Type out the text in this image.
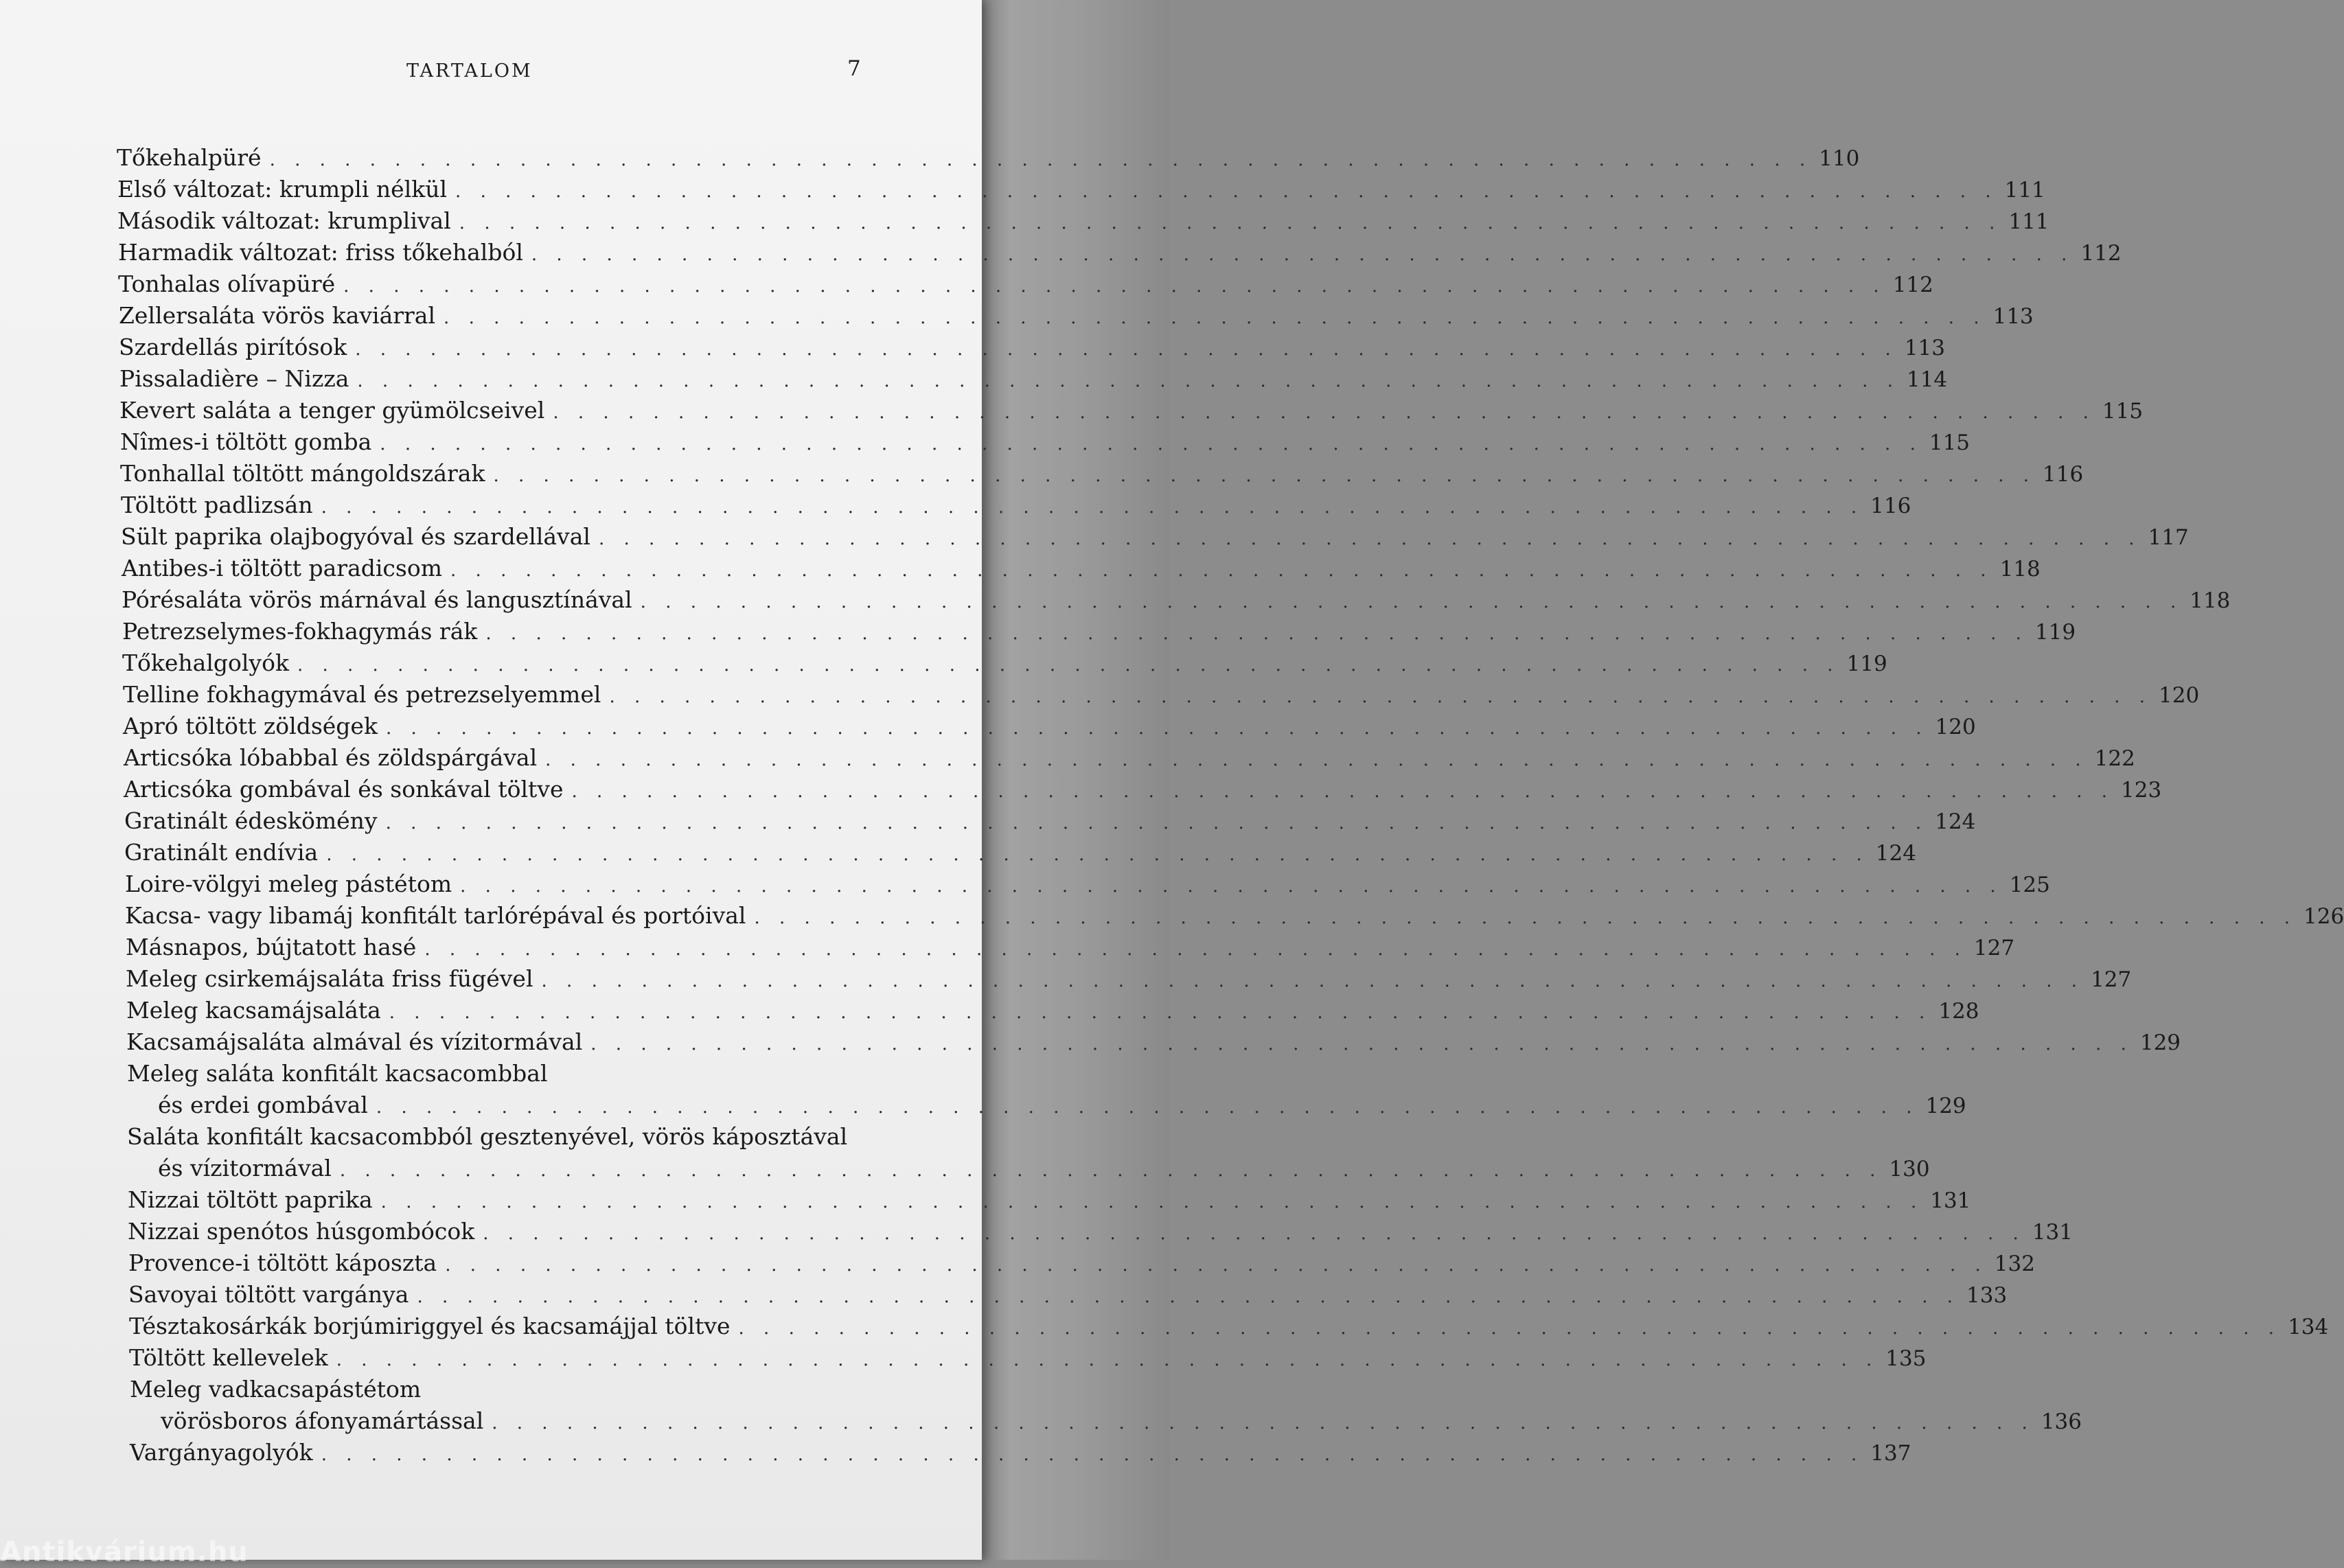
TARTALOM	7
Tőkehalpüré . . . . . . . . . . . . . . . . . . . . . . . . . . . . . . . . . . . . . . . . . . . . . . . . . . . . . . . . . . . . . . 110
Első változat: krumpli nélkül . . . . . . . . . . . . . . . . . . . . . . . . . . . . . . . . . . . . . . . . . . . . . . . . . . . . . . . . . . . . . . 111
Második változat: krumplival . . . . . . . . . . . . . . . . . . . . . . . . . . . . . . . . . . . . . . . . . . . . . . . . . . . . . . . . . . . . . . 111
Harmadik változat: friss tőkehalból . . . . . . . . . . . . . . . . . . . . . . . . . . . . . . . . . . . . . . . . . . . . . . . . . . . . . . . . . . . . . . 112
Tonhalas olívapüré . . . . . . . . . . . . . . . . . . . . . . . . . . . . . . . . . . . . . . . . . . . . . . . . . . . . . . . . . . . . . . 112
Zellersaláta vörös kaviárral . . . . . . . . . . . . . . . . . . . . . . . . . . . . . . . . . . . . . . . . . . . . . . . . . . . . . . . . . . . . . . 113
Szardellás pirítósok . . . . . . . . . . . . . . . . . . . . . . . . . . . . . . . . . . . . . . . . . . . . . . . . . . . . . . . . . . . . . . 113
Pissaladière – Nizza . . . . . . . . . . . . . . . . . . . . . . . . . . . . . . . . . . . . . . . . . . . . . . . . . . . . . . . . . . . . . . 114
Kevert saláta a tenger gyümölcseivel . . . . . . . . . . . . . . . . . . . . . . . . . . . . . . . . . . . . . . . . . . . . . . . . . . . . . . . . . . . . . . 115
Nîmes-i töltött gomba . . . . . . . . . . . . . . . . . . . . . . . . . . . . . . . . . . . . . . . . . . . . . . . . . . . . . . . . . . . . . . 115
Tonhallal töltött mángoldszárak . . . . . . . . . . . . . . . . . . . . . . . . . . . . . . . . . . . . . . . . . . . . . . . . . . . . . . . . . . . . . . 116
Töltött padlizsán . . . . . . . . . . . . . . . . . . . . . . . . . . . . . . . . . . . . . . . . . . . . . . . . . . . . . . . . . . . . . . 116
Sült paprika olajbogyóval és szardellával . . . . . . . . . . . . . . . . . . . . . . . . . . . . . . . . . . . . . . . . . . . . . . . . . . . . . . . . . . . . . . 117
Antibes-i töltött paradicsom . . . . . . . . . . . . . . . . . . . . . . . . . . . . . . . . . . . . . . . . . . . . . . . . . . . . . . . . . . . . . . 118
Pórésaláta vörös márnával és langusztínával . . . . . . . . . . . . . . . . . . . . . . . . . . . . . . . . . . . . . . . . . . . . . . . . . . . . . . . . . . . . . . 118
Petrezselymes-fokhagymás rák . . . . . . . . . . . . . . . . . . . . . . . . . . . . . . . . . . . . . . . . . . . . . . . . . . . . . . . . . . . . . . 119
Tőkehalgolyók . . . . . . . . . . . . . . . . . . . . . . . . . . . . . . . . . . . . . . . . . . . . . . . . . . . . . . . . . . . . . . 119
Telline fokhagymával és petrezselyemmel . . . . . . . . . . . . . . . . . . . . . . . . . . . . . . . . . . . . . . . . . . . . . . . . . . . . . . . . . . . . . . 120
Apró töltött zöldségek . . . . . . . . . . . . . . . . . . . . . . . . . . . . . . . . . . . . . . . . . . . . . . . . . . . . . . . . . . . . . . 120
Articsóka lóbabbal és zöldspárgával . . . . . . . . . . . . . . . . . . . . . . . . . . . . . . . . . . . . . . . . . . . . . . . . . . . . . . . . . . . . . . 122
Articsóka gombával és sonkával töltve . . . . . . . . . . . . . . . . . . . . . . . . . . . . . . . . . . . . . . . . . . . . . . . . . . . . . . . . . . . . . . 123
Gratinált édeskömény . . . . . . . . . . . . . . . . . . . . . . . . . . . . . . . . . . . . . . . . . . . . . . . . . . . . . . . . . . . . . . 124
Gratinált endívia . . . . . . . . . . . . . . . . . . . . . . . . . . . . . . . . . . . . . . . . . . . . . . . . . . . . . . . . . . . . . . 124
Loire-völgyi meleg pástétom . . . . . . . . . . . . . . . . . . . . . . . . . . . . . . . . . . . . . . . . . . . . . . . . . . . . . . . . . . . . . . 125
Kacsa- vagy libamáj konfitált tarlórépával és portóival . . . . . . . . . . . . . . . . . . . . . . . . . . . . . . . . . . . . . . . . . . . . . . . . . . . . . . . . . . . . . . 126
Másnapos, bújtatott hasé . . . . . . . . . . . . . . . . . . . . . . . . . . . . . . . . . . . . . . . . . . . . . . . . . . . . . . . . . . . . . . 127
Meleg csirkemájsaláta friss fügével . . . . . . . . . . . . . . . . . . . . . . . . . . . . . . . . . . . . . . . . . . . . . . . . . . . . . . . . . . . . . . 127
Meleg kacsamájsaláta . . . . . . . . . . . . . . . . . . . . . . . . . . . . . . . . . . . . . . . . . . . . . . . . . . . . . . . . . . . . . . 128
Kacsamájsaláta almával és vízitormával . . . . . . . . . . . . . . . . . . . . . . . . . . . . . . . . . . . . . . . . . . . . . . . . . . . . . . . . . . . . . . 129
Meleg saláta konfitált kacsacombbal
és erdei gombával . . . . . . . . . . . . . . . . . . . . . . . . . . . . . . . . . . . . . . . . . . . . . . . . . . . . . . . . . . . . . . 129
Saláta konfitált kacsacombból gesztenyével, vörös káposztával
és vízitormával . . . . . . . . . . . . . . . . . . . . . . . . . . . . . . . . . . . . . . . . . . . . . . . . . . . . . . . . . . . . . . 130
Nizzai töltött paprika . . . . . . . . . . . . . . . . . . . . . . . . . . . . . . . . . . . . . . . . . . . . . . . . . . . . . . . . . . . . . . 131
Nizzai spenótos húsgombócok . . . . . . . . . . . . . . . . . . . . . . . . . . . . . . . . . . . . . . . . . . . . . . . . . . . . . . . . . . . . . . 131
Provence-i töltött káposzta . . . . . . . . . . . . . . . . . . . . . . . . . . . . . . . . . . . . . . . . . . . . . . . . . . . . . . . . . . . . . . 132
Savoyai töltött vargánya . . . . . . . . . . . . . . . . . . . . . . . . . . . . . . . . . . . . . . . . . . . . . . . . . . . . . . . . . . . . . . 133
Tésztakosárkák borjúmiriggyel és kacsamájjal töltve . . . . . . . . . . . . . . . . . . . . . . . . . . . . . . . . . . . . . . . . . . . . . . . . . . . . . . . . . . . . . . 134
Töltött kellevelek . . . . . . . . . . . . . . . . . . . . . . . . . . . . . . . . . . . . . . . . . . . . . . . . . . . . . . . . . . . . . . 135
Meleg vadkacsapástétom
vörösboros áfonyamártással . . . . . . . . . . . . . . . . . . . . . . . . . . . . . . . . . . . . . . . . . . . . . . . . . . . . . . . . . . . . . . 136
Vargányagolyók . . . . . . . . . . . . . . . . . . . . . . . . . . . . . . . . . . . . . . . . . . . . . . . . . . . . . . . . . . . . . . 137
Antikvárium.hu
